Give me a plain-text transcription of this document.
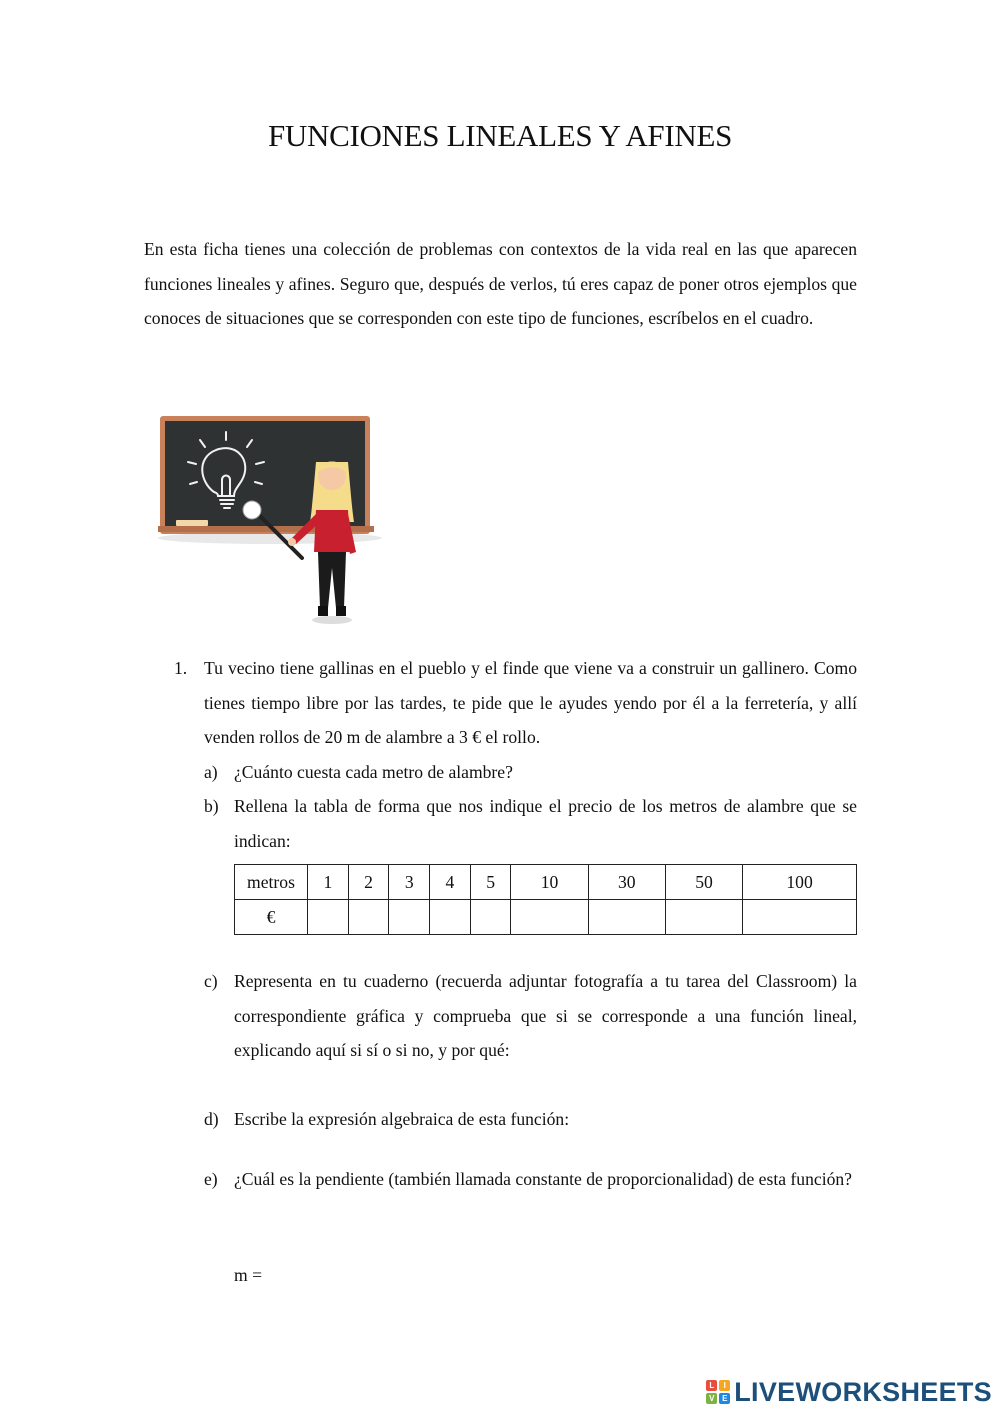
FUNCIONES LINEALES Y AFINES
En esta ficha tienes una colección de problemas con contextos de la vida real en las que aparecen funciones lineales y afines. Seguro que, después de verlos, tú eres capaz de poner otros ejemplos que conoces de situaciones que se corresponden con este tipo de funciones, escríbelos en el cuadro.
1. Tu vecino tiene gallinas en el pueblo y el finde que viene va a construir un gallinero. Como tienes tiempo libre por las tardes, te pide que le ayudes yendo por él a la ferretería, y allí venden rollos de 20 m de alambre a 3 € el rollo.
a) ¿Cuánto cuesta cada metro de alambre?
b) Rellena la tabla de forma que nos indique el precio de los metros de alambre que se indican:
c) Representa en tu cuaderno (recuerda adjuntar fotografía a tu tarea del Classroom) la correspondiente gráfica y comprueba que si se corresponde a una función lineal, explicando aquí si sí o si no, y por qué:
d) Escribe la expresión algebraica de esta función:
e) ¿Cuál es la pendiente (también llamada constante de proporcionalidad) de esta función?
metros	1	2	3	4	5	10	30	50	100
€									
m =
L	I
V E LIVEWORKSHEETS
